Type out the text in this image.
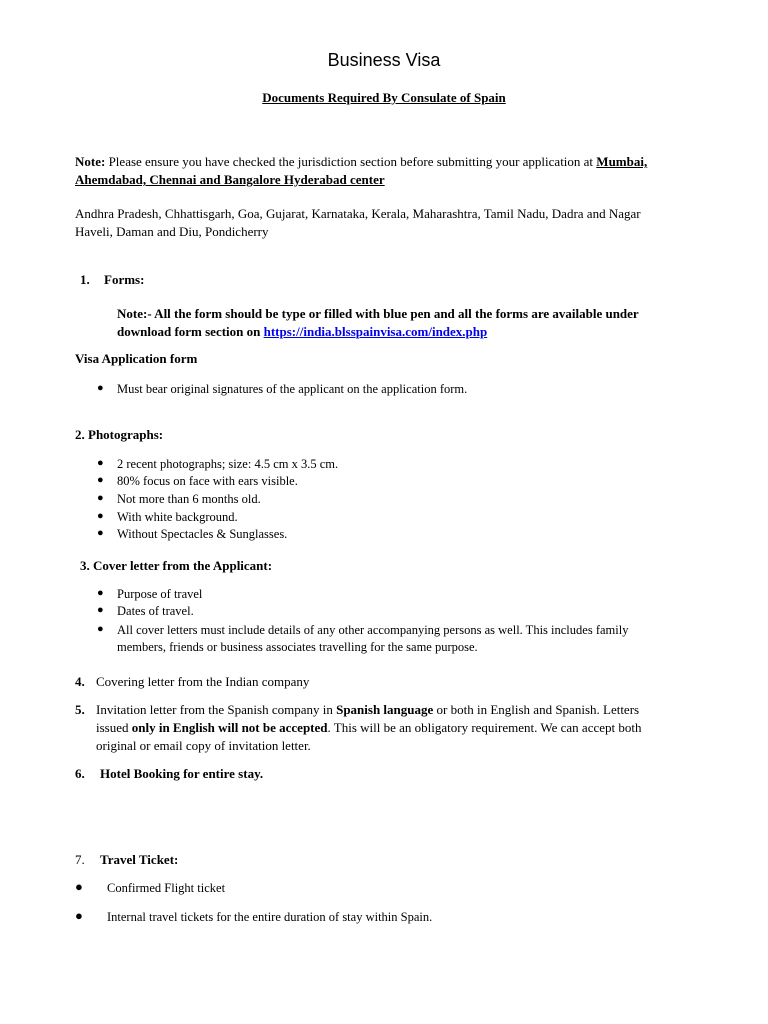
Business Visa
Documents Required By Consulate of Spain
Note: Please ensure you have checked the jurisdiction section before submitting your application at Mumbai,
Ahemdabad, Chennai and Bangalore Hyderabad center
Andhra Pradesh, Chhattisgarh, Goa, Gujarat, Karnataka, Kerala, Maharashtra, Tamil Nadu, Dadra and Nagar
Haveli, Daman and Diu, Pondicherry
1. Forms:
Note:- All the form should be type or filled with blue pen and all the forms are available under
download form section on https://india.blsspainvisa.com/index.php
Visa Application form
● Must bear original signatures of the applicant on the application form.
2. Photographs:
● 2 recent photographs; size: 4.5 cm x 3.5 cm.
● 80% focus on face with ears visible.
● Not more than 6 months old.
● With white background.
● Without Spectacles & Sunglasses.
3. Cover letter from the Applicant:
● Purpose of travel
● Dates of travel.
● All cover letters must include details of any other accompanying persons as well. This includes family
members, friends or business associates travelling for the same purpose.
4. Covering letter from the Indian company
5. Invitation letter from the Spanish company in Spanish language or both in English and Spanish. Letters
issued only in English will not be accepted. This will be an obligatory requirement. We can accept both
original or email copy of invitation letter.
6. Hotel Booking for entire stay.
7. Travel Ticket:
● Confirmed Flight ticket
● Internal travel tickets for the entire duration of stay within Spain.
